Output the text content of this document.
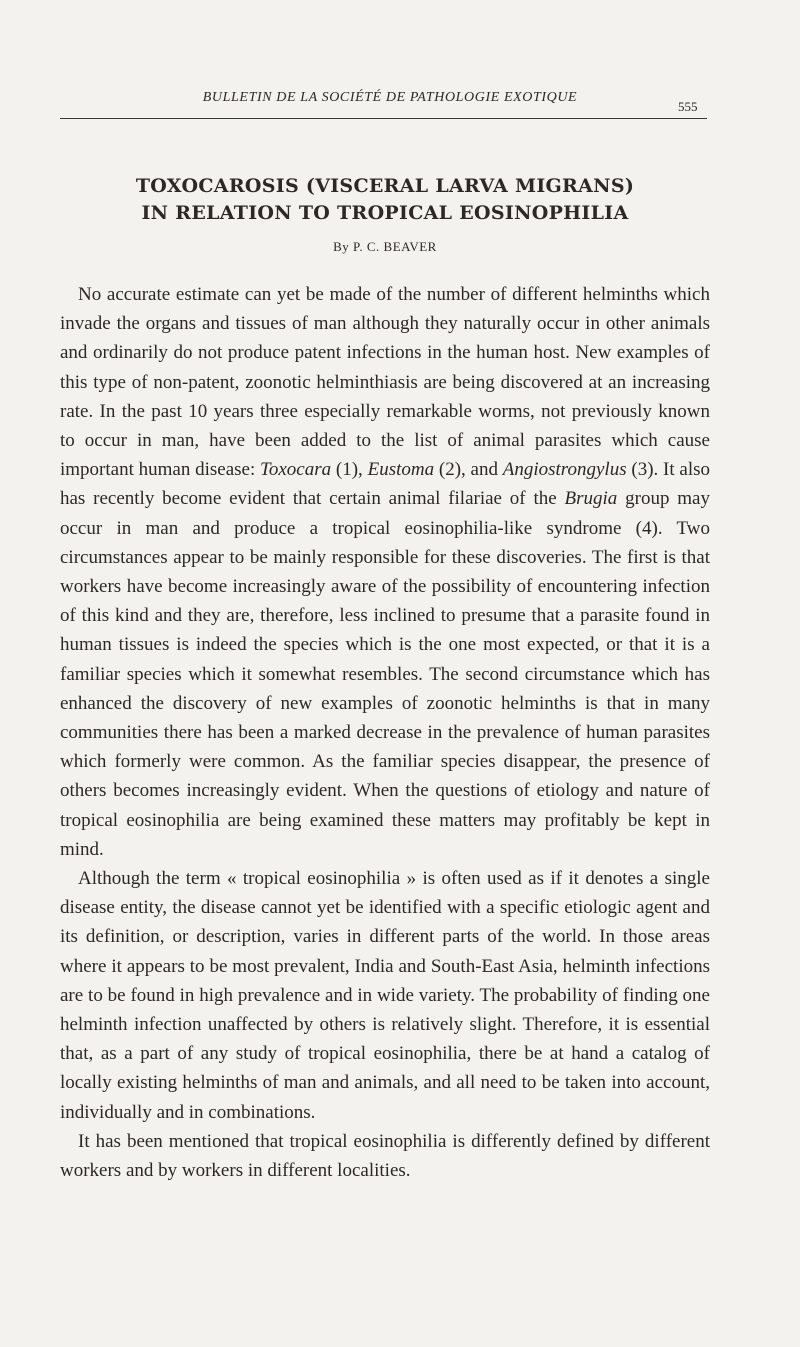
BULLETIN DE LA SOCIÉTÉ DE PATHOLOGIE EXOTIQUE
555
TOXOCAROSIS (VISCERAL LARVA MIGRANS)
IN RELATION TO TROPICAL EOSINOPHILIA
By P. C. BEAVER

No accurate estimate can yet be made of the number of different helminths which invade the organs and tissues of man although they naturally occur in other animals and ordinarily do not produce patent infections in the human host. New examples of this type of non-patent, zoonotic helminthiasis are being discovered at an increasing rate. In the past 10 years three especially remarkable worms, not previously known to occur in man, have been added to the list of animal parasites which cause important human disease: Toxocara (1), Eustoma (2), and Angiostrongylus (3). It also has recently become evident that certain animal filariae of the Brugia group may occur in man and produce a tropical eosinophilia-like syndrome (4). Two circumstances appear to be mainly responsible for these discoveries. The first is that workers have become increasingly aware of the possibility of encountering infection of this kind and they are, therefore, less inclined to presume that a parasite found in human tissues is indeed the species which is the one most expected, or that it is a familiar species which it somewhat resembles. The second circumstance which has enhanced the discovery of new examples of zoonotic helminths is that in many communities there has been a marked decrease in the prevalence of human parasites which formerly were common. As the familiar species disappear, the presence of others becomes increasingly evident. When the questions of etiology and nature of tropical eosinophilia are being examined these matters may profitably be kept in mind.

Although the term « tropical eosinophilia » is often used as if it denotes a single disease entity, the disease cannot yet be identified with a specific etiologic agent and its definition, or description, varies in different parts of the world. In those areas where it appears to be most prevalent, India and South-East Asia, helminth infections are to be found in high prevalence and in wide variety. The probability of finding one helminth infection unaffected by others is relatively slight. Therefore, it is essential that, as a part of any study of tropical eosinophilia, there be at hand a catalog of locally existing helminths of man and animals, and all need to be taken into account, individually and in combinations.

It has been mentioned that tropical eosinophilia is differently defined by different workers and by workers in different localities.
